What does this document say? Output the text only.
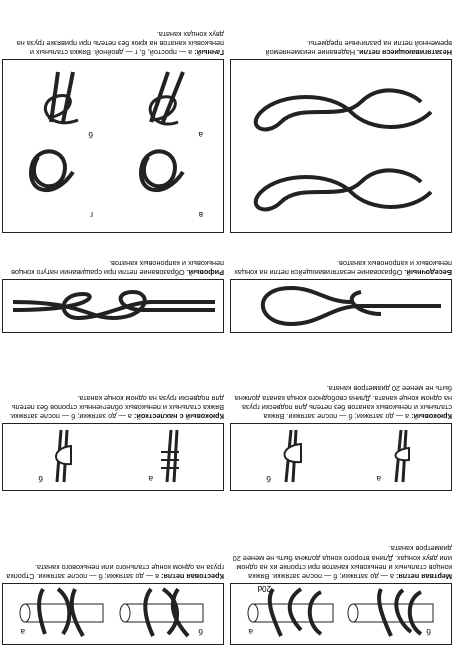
б
а
20d
Мертвая петля: а — до затяжки; б — после затяжки. Вяжка концов стальных и пеньковых канатов при стропке их на одном или двух концах. Длина второго конца должна быть не менее 20 диаметров каната.
б
а
Крестовая петля: а — до затяжки; б — после затяжки. Стропка груза на одном конце стального или пенькового каната.
а
б
Крюковый: а — до затяжки; б — после затяжки. Вяжка стальных и пеньковых канатов без петель для подвески груза на одном конце каната. Длина свободного конца каната должна быть не менее 20 диаметров каната.
а
б
Крюковый с нахлесткой: а — до затяжки; б — после затяжки. Вяжка стальных и пеньковых облегченных стропов без петель для подвески груза на одном конце каната.
Беседочный. Образование незатягивающейся петли на концах пеньковых и капроновых канатов.
Рифовый. Образование петли при сращивании натуго концов пеньковых и капроновых канатов.
Незатягивающиеся петли. Надевание неизменяемой временной петли на различные предметы.
а
б
в
г
Гачный: а — простой, б, г — двойной. Вяжка стальных и пеньковых канатов на крюк без петель при привязке груза на двух концах каната.
